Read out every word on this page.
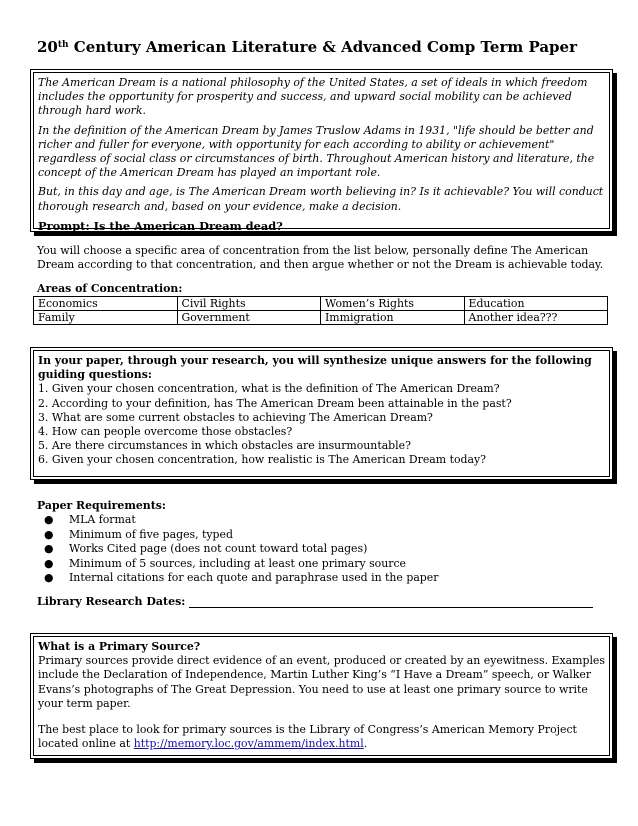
20th Century American Literature & Advanced Comp Term Paper

The American Dream is a national philosophy of the United States, a set of ideals in which freedom includes the opportunity for prosperity and success, and upward social mobility can be achieved through hard work.

In the definition of the American Dream by James Truslow Adams in 1931, "life should be better and richer and fuller for everyone, with opportunity for each according to ability or achievement" regardless of social class or circumstances of birth. Throughout American history and literature, the concept of the American Dream has played an important role.

But, in this day and age, is The American Dream worth believing in? Is it achievable? You will conduct thorough research and, based on your evidence, make a decision.

Prompt: Is the American Dream dead?

You will choose a specific area of concentration from the list below, personally define The American Dream according to that concentration, and then argue whether or not the Dream is achievable today.
Areas of Concentration:
Economics	Civil Rights	Women’s Rights	Education
Family	Government	Immigration	Another idea???

In your paper, through your research, you will synthesize unique answers for the following guiding questions:

1. Given your chosen concentration, what is the definition of The American Dream?

2. According to your definition, has The American Dream been attainable in the past?

3. What are some current obstacles to achieving The American Dream?

4. How can people overcome those obstacles?

5. Are there circumstances in which obstacles are insurmountable?

6. Given your chosen concentration, how realistic is The American Dream today?

Paper Requirements:
● MLA format
● Minimum of five pages, typed
● Works Cited page (does not count toward total pages)
● Minimum of 5 sources, including at least one primary source
● Internal citations for each quote and paraphrase used in the paper
Library Research Dates:

What is a Primary Source?

Primary sources provide direct evidence of an event, produced or created by an eyewitness. Examples include the Declaration of Independence, Martin Luther King’s “I Have a Dream” speech, or Walker Evans’s photographs of The Great Depression. You need to use at least one primary source to write your term paper.

The best place to look for primary sources is the Library of Congress’s American Memory Project located online at http://memory.loc.gov/ammem/index.html.
